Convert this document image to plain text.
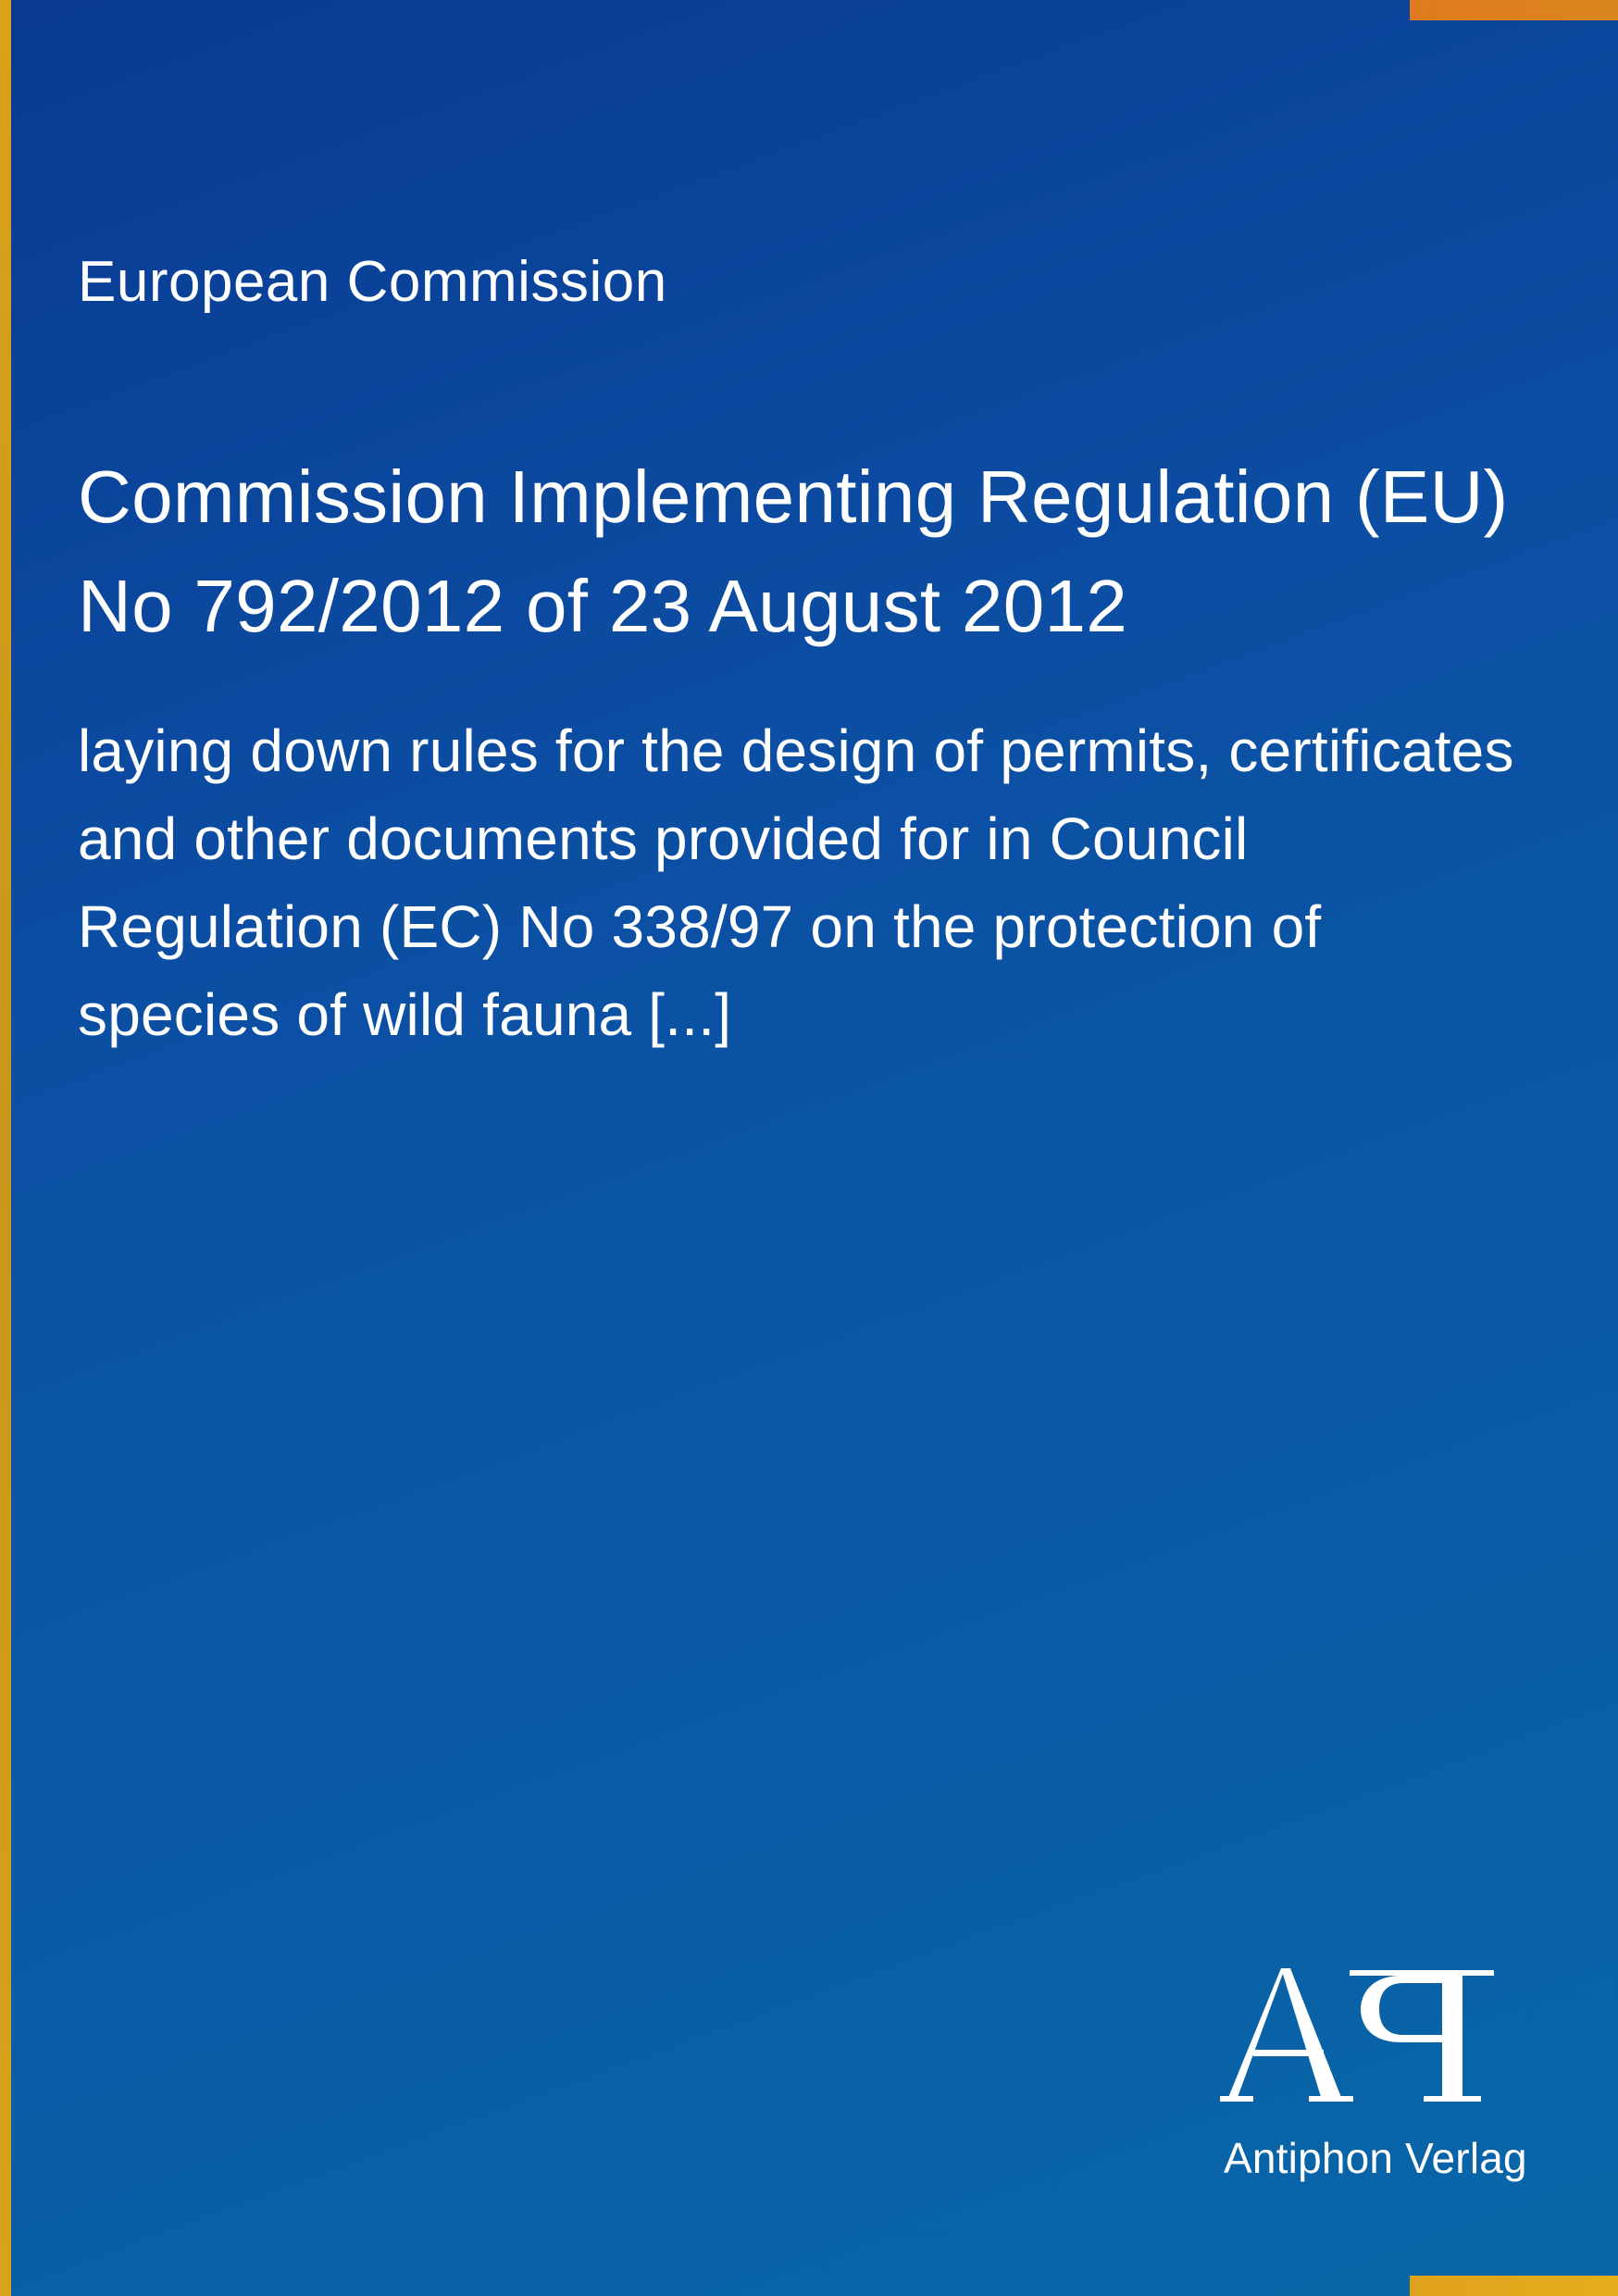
European Commission
Commission Implementing Regulation (EU) No 792/2012 of 23 August 2012
laying down rules for the design of permits, certificates and other documents provided for in Council Regulation (EC) No 338/97 on the protection of species of wild fauna [...]
Antiphon Verlag
